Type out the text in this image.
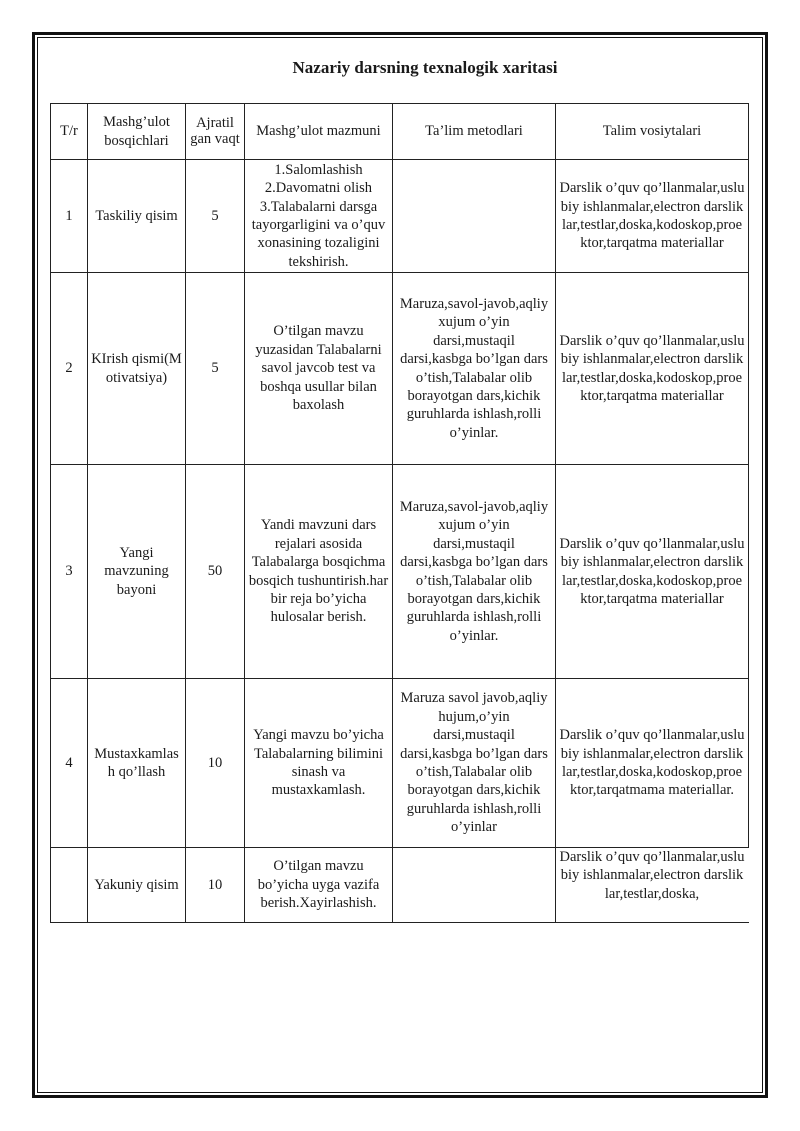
Nazariy darsning texnalogik xaritasi
T/r	Mashg’ulot bosqichlari	Ajratil gan vaqt	Mashg’ulot mazmuni	Ta’lim metodlari	Talim vosiytalari
1	Taskiliy qisim	5	1.Salomlashish
2.Davomatni olish
3.Talabalarni darsga tayorgarligini va o’quv xonasining tozaligini tekshirish.		Darslik o’quv qo’llanmalar,uslubiy ishlanmalar,electron darsliklar,testlar,doska,kodoskop,proektor,tarqatma materiallar
2	KIrish qismi(Motivatsiya)	5	O’tilgan mavzu yuzasidan Talabalarni savol javcob test va boshqa usullar bilan baxolash	Maruza,savol-javob,aqliy xujum o’yin darsi,mustaqil darsi,kasbga bo’lgan dars o’tish,Talabalar olib borayotgan dars,kichik guruhlarda ishlash,rolli o’yinlar.	Darslik o’quv qo’llanmalar,uslubiy ishlanmalar,electron darsliklar,testlar,doska,kodoskop,proektor,tarqatma materiallar
3	Yangi mavzuning bayoni	50	Yandi mavzuni dars rejalari asosida Talabalarga bosqichma bosqich tushuntirish.har bir reja bo’yicha hulosalar berish.	Maruza,savol-javob,aqliy xujum o’yin darsi,mustaqil darsi,kasbga bo’lgan dars o’tish,Talabalar olib borayotgan dars,kichik guruhlarda ishlash,rolli o’yinlar.	Darslik o’quv qo’llanmalar,uslubiy ishlanmalar,electron darsliklar,testlar,doska,kodoskop,proektor,tarqatma materiallar
4	Mustaxkamlash qo’llash	10	Yangi mavzu bo’yicha Talabalarning bilimini sinash va mustaxkamlash.	Maruza savol javob,aqliy hujum,o’yin darsi,mustaqil darsi,kasbga bo’lgan dars o’tish,Talabalar olib borayotgan dars,kichik guruhlarda ishlash,rolli o’yinlar	Darslik o’quv qo’llanmalar,uslubiy ishlanmalar,electron darsliklar,testlar,doska,kodoskop,proektor,tarqatmama materiallar.
	Yakuniy qisim	10	O’tilgan mavzu bo’yicha uyga vazifa berish.Xayirlashish.		Darslik o’quv qo’llanmalar,uslubiy ishlanmalar,electron darsliklar,testlar,doska,
